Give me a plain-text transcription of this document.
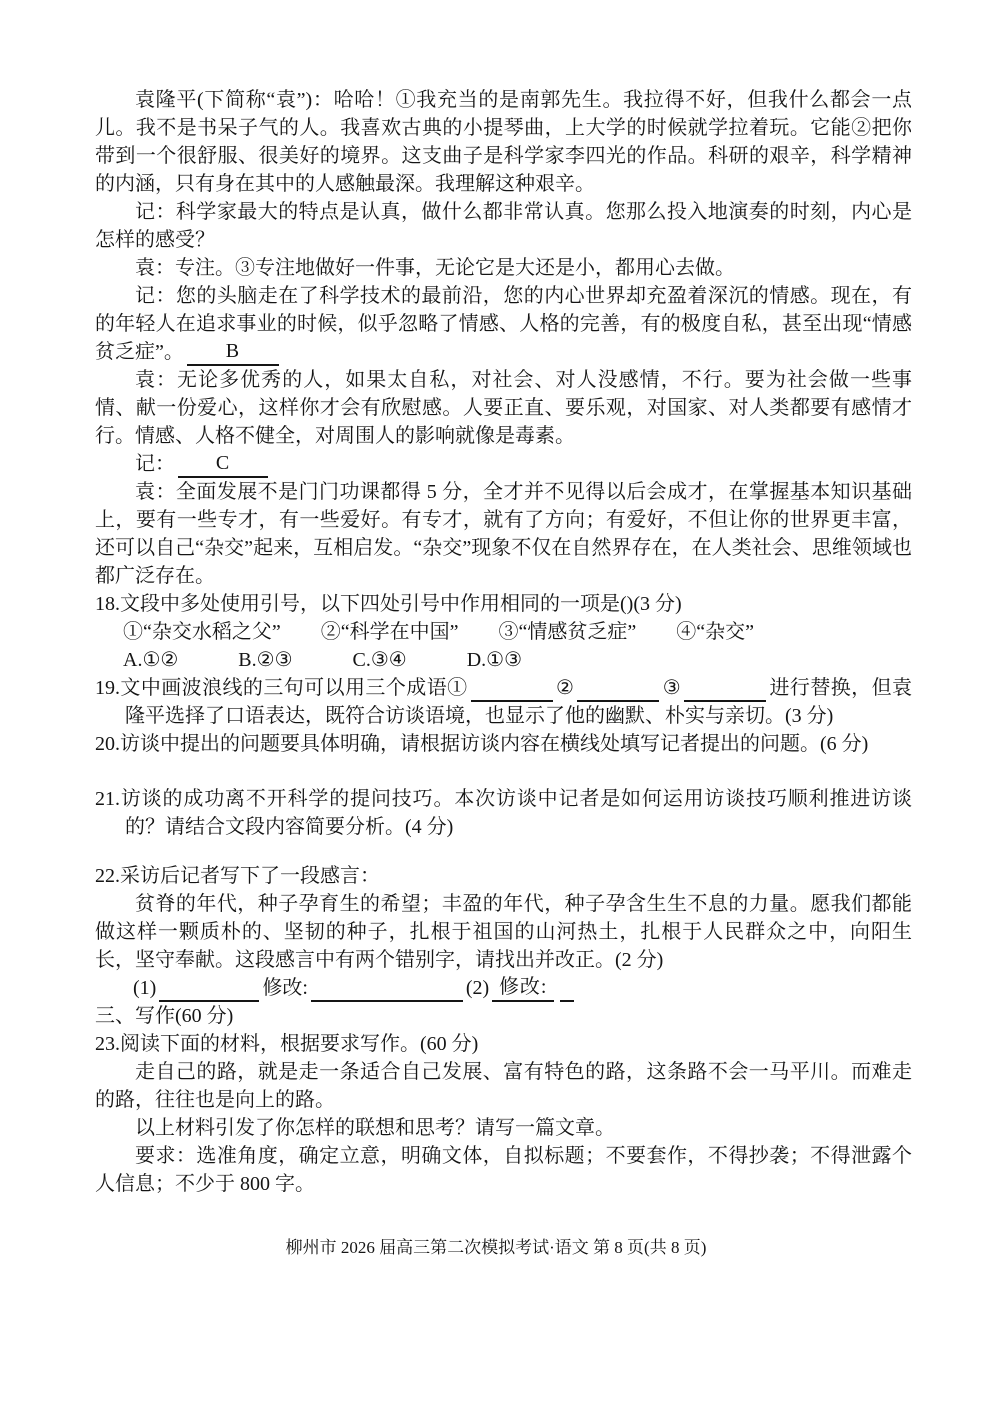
袁隆平(下简称“袁”)：哈哈！①我充当的是南郭先生。我拉得不好，但我什么都会一点儿。我不是书呆子气的人。我喜欢古典的小提琴曲，上大学的时候就学拉着玩。它能②把你带到一个很舒服、很美好的境界。这支曲子是科学家李四光的作品。科研的艰辛，科学精神的内涵，只有身在其中的人感触最深。我理解这种艰辛。

记：科学家最大的特点是认真，做什么都非常认真。您那么投入地演奏的时刻，内心是怎样的感受？

袁：专注。③专注地做好一件事，无论它是大还是小，都用心去做。

记：您的头脑走在了科学技术的最前沿，您的内心世界却充盈着深沉的情感。现在，有的年轻人在追求事业的时候，似乎忽略了情感、人格的完善，有的极度自私，甚至出现“情感贫乏症”。 B

袁：无论多优秀的人，如果太自私，对社会、对人没感情，不行。要为社会做一些事情、献一份爱心，这样你才会有欣慰感。人要正直、要乐观，对国家、对人类都要有感情才行。情感、人格不健全，对周围人的影响就像是毒素。

记： C

袁：全面发展不是门门功课都得 5 分，全才并不见得以后会成才，在掌握基本知识基础上，要有一些专才，有一些爱好。有专才，就有了方向；有爱好，不但让你的世界更丰富，还可以自己“杂交”起来，互相启发。“杂交”现象不仅在自然界存在，在人类社会、思维领域也都广泛存在。

18.文段中多处使用引号，以下四处引号中作用相同的一项是()(3 分)

①“杂交水稻之父”　　②“科学在中国”　　③“情感贫乏症”　　④“杂交”

A.①②　　　B.②③　　　C.③④　　　D.①③

19.文中画波浪线的三句可以用三个成语①	②	③	进行替换，但袁隆平选择了口语表达，既符合访谈语境，也显示了他的幽默、朴实与亲切。(3 分)

20.访谈中提出的问题要具体明确，请根据访谈内容在横线处填写记者提出的问题。(6 分)

21.访谈的成功离不开科学的提问技巧。本次访谈中记者是如何运用访谈技巧顺利推进访谈的？请结合文段内容简要分析。(4 分)

22.采访后记者写下了一段感言：

贫脊的年代，种子孕育生的希望；丰盈的年代，种子孕含生生不息的力量。愿我们都能做这样一颗质朴的、坚韧的种子，扎根于祖国的山河热土，扎根于人民群众之中，向阳生长，坚守奉献。这段感言中有两个错别字，请找出并改正。(2 分)

(1)	修改:	(2) 修改:

三、写作(60 分)

23.阅读下面的材料，根据要求写作。(60 分)

走自己的路，就是走一条适合自己发展、富有特色的路，这条路不会一马平川。而难走的路，往往也是向上的路。

以上材料引发了你怎样的联想和思考？请写一篇文章。

要求：选准角度，确定立意，明确文体，自拟标题；不要套作，不得抄袭；不得泄露个人信息；不少于 800 字。

柳州市 2026 届高三第二次模拟考试·语文 第 8 页(共 8 页)
